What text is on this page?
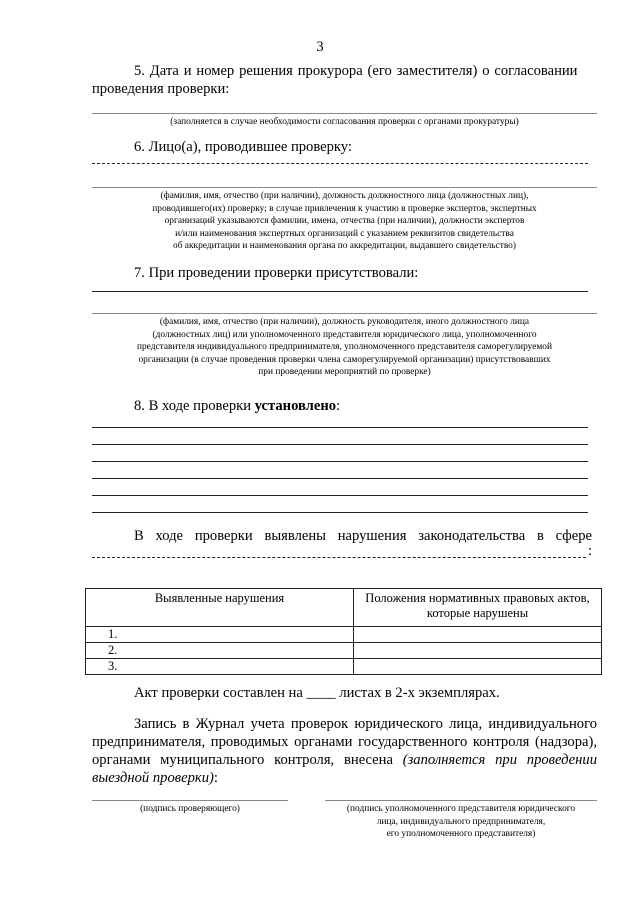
3
5. Дата и номер решения прокурора (его заместителя) о согласовании
проведения проверки:
(заполняется в случае необходимости согласования проверки с органами прокуратуры)
6. Лицо(а), проводившее проверку:
(фамилия, имя, отчество (при наличии), должность должностного лица (должностных лиц),
проводившего(их) проверку; в случае привлечения к участию в проверке экспертов, экспертных
организаций указываются фамилии, имена, отчества (при наличии), должности экспертов
и/или наименования экспертных организаций с указанием реквизитов свидетельства
об аккредитации и наименования органа по аккредитации, выдавшего свидетельство)
7. При проведении проверки присутствовали:
(фамилия, имя, отчество (при наличии), должность руководителя, иного должностного лица
(должностных лиц) или уполномоченного представителя юридического лица, уполномоченного
представителя индивидуального предпринимателя, уполномоченного представителя саморегулируемой
организации (в случае проведения проверки члена саморегулируемой организации) присутствовавших
при проведении мероприятий по проверке)
8. В ходе проверки установлено:
В ходе проверки выявлены нарушения законодательства в сфере
:
Выявленные нарушения	Положения нормативных правовых актов, которые нарушены
1.	
2.	
3.	
Акт проверки составлен на ____ листах в 2-х экземплярах.
Запись в Журнал учета проверок юридического лица, индивидуального
предпринимателя, проводимых органами государственного контроля (надзора),
органами муниципального контроля, внесена (заполняется при проведении
выездной проверки):
(подпись проверяющего)	(подпись уполномоченного представителя юридического
лица, индивидуального предпринимателя,
его уполномоченного представителя)
